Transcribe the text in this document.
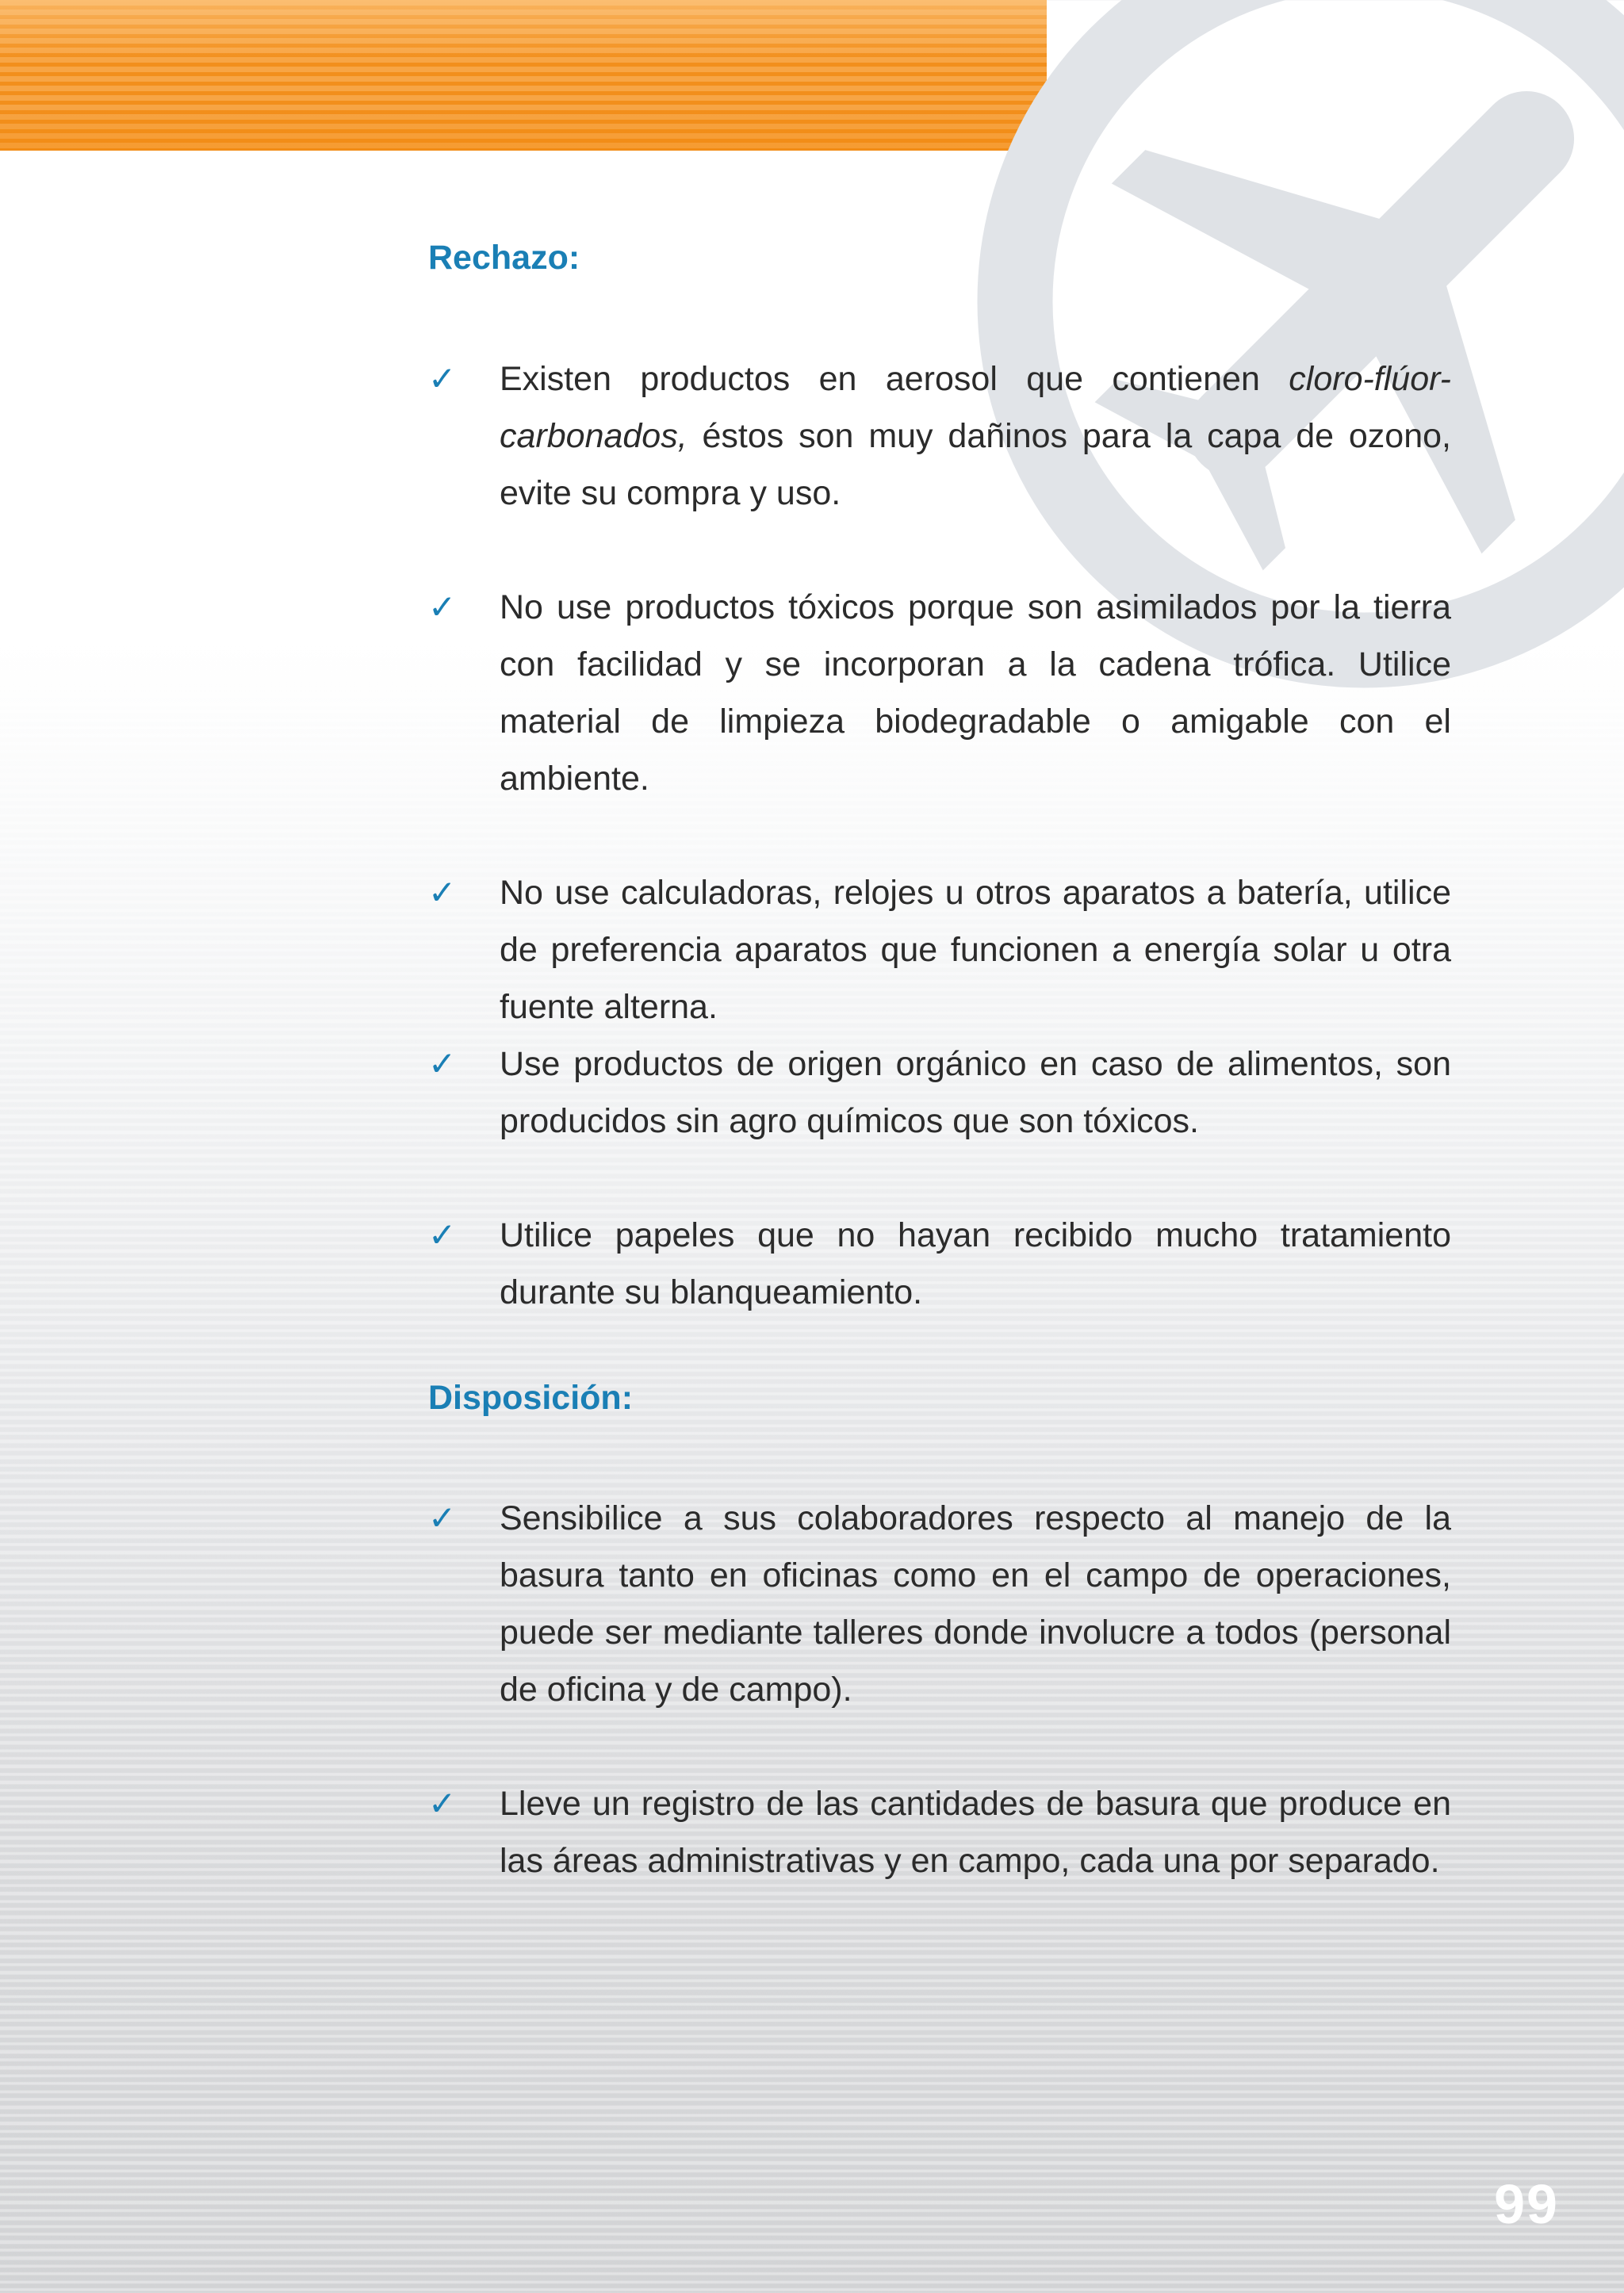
Rechazo:
✓ Existen productos en aerosol que contienen cloro-flúor-carbonados, éstos son muy dañinos para la capa de ozono, evite su compra y uso.

✓ No use productos tóxicos porque son asimilados por la tierra con facilidad y se incorporan a la cadena trófica. Utilice material de limpieza biodegradable o amigable con el ambiente.

✓ No use calculadoras, relojes u otros aparatos a batería, utilice de preferencia aparatos que funcionen a energía solar u otra fuente alterna.

✓ Use productos de origen orgánico en caso de alimentos, son producidos sin agro químicos que son tóxicos.

✓ Utilice papeles que no hayan recibido mucho tratamiento durante su blanqueamiento.

Disposición:
✓ Sensibilice a sus colaboradores respecto al manejo de la basura tanto en oficinas como en el campo de operaciones, puede ser mediante talleres donde involucre a todos (personal de oficina y de campo).

✓ Lleve un registro de las cantidades de basura que produce en las áreas administrativas y en campo, cada una por separado.

99
